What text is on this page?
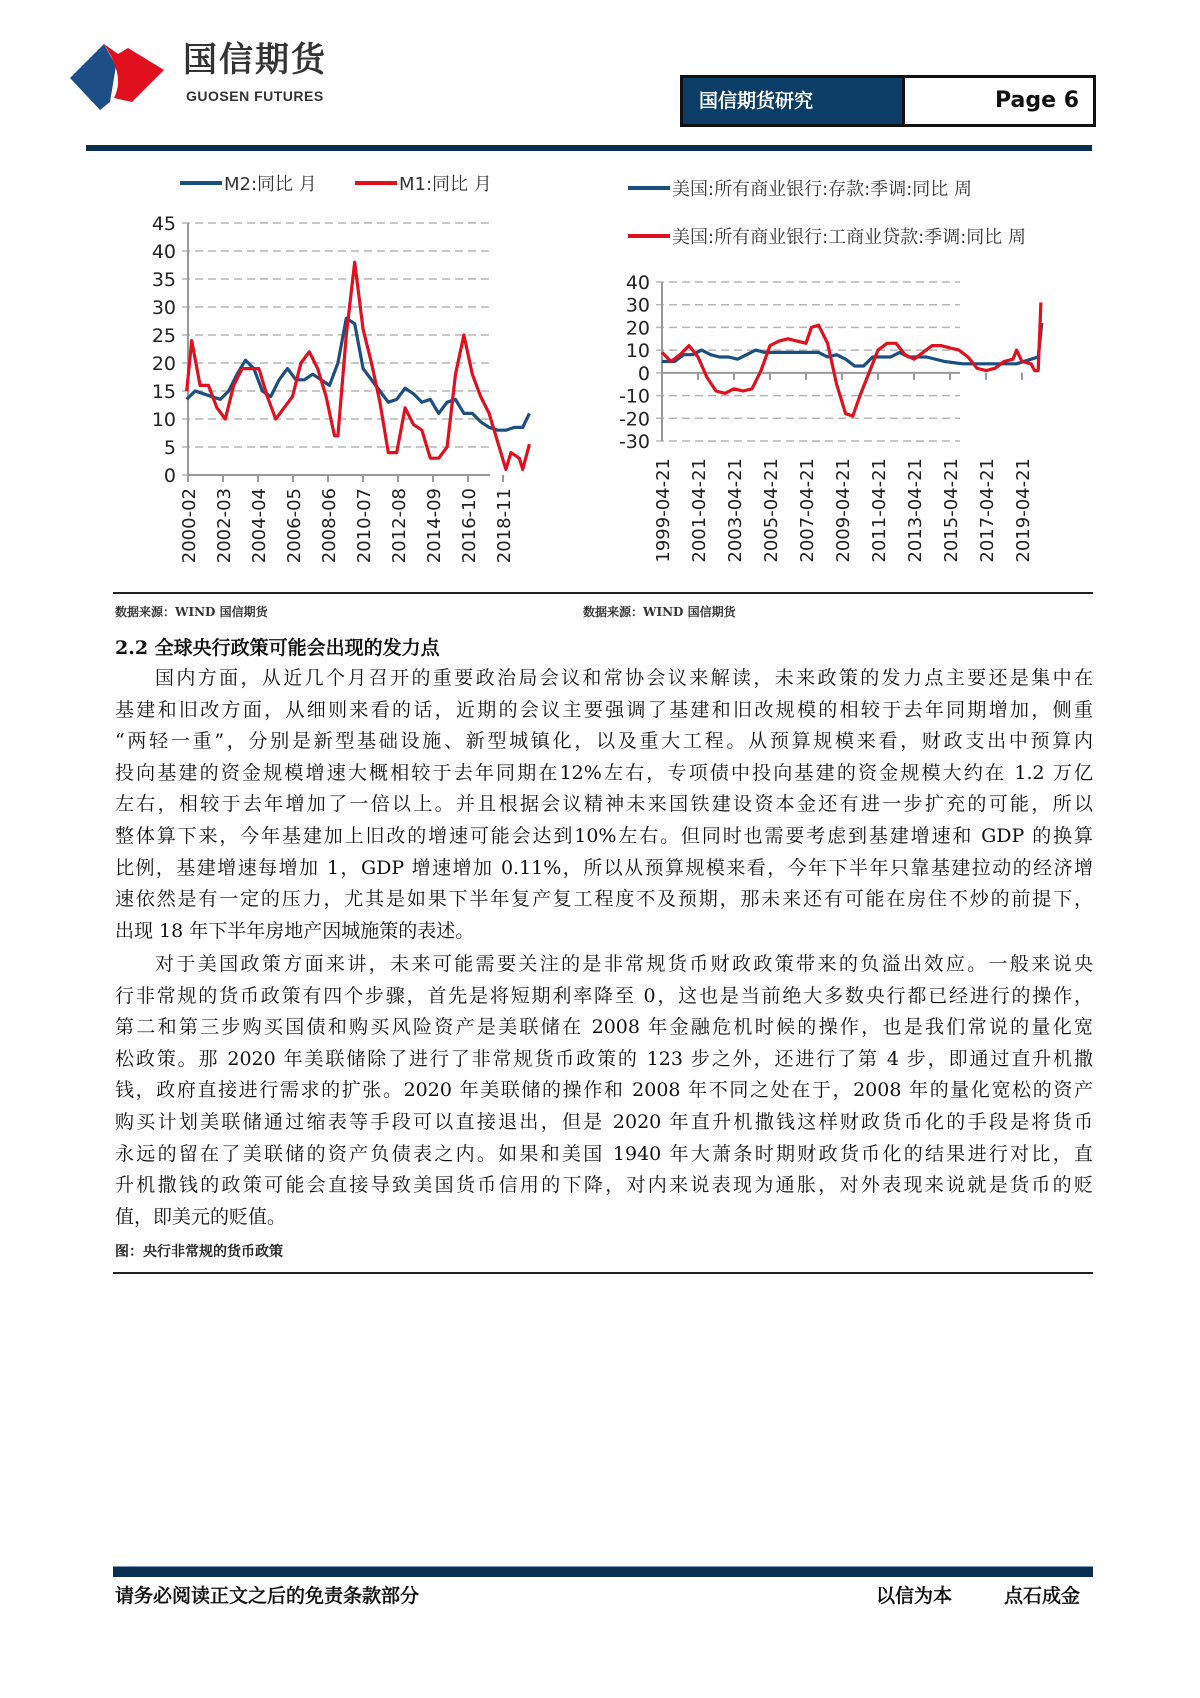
国信期货
GUOSEN FUTURES	国信期货研究	Page 6
0
5
10
15
20
25
30
35
40
45
2000-02 2002-03 2004-04 2006-05 2008-06 2010-07 2012-08 2014-09 2016-10 2018-11
M2:同比 月	M1:同比 月
-30
-20
-10
0
10
20
30
40
1999-04-21 2001-04-21 2003-04-21 2005-04-21 2007-04-21 2009-04-21 2011-04-21 2013-04-21 2015-04-21 2017-04-21 2019-04-21
美国:所有商业银行:存款:季调:同比 周
美国:所有商业银行:工商业贷款:季调:同比 周
数据来源：WIND 国信期货	数据来源：WIND 国信期货
2.2 全球央行政策可能会出现的发力点
国内方面，从近几个月召开的重要政治局会议和常协会议来解读，未来政策的发力点主要还是集中在
基建和旧改方面，从细则来看的话，近期的会议主要强调了基建和旧改规模的相较于去年同期增加，侧重
“两轻一重”，分别是新型基础设施、新型城镇化，以及重大工程。从预算规模来看，财政支出中预算内
投向基建的资金规模增速大概相较于去年同期在12%左右，专项债中投向基建的资金规模大约在 1.2 万亿
左右，相较于去年增加了一倍以上。并且根据会议精神未来国铁建设资本金还有进一步扩充的可能，所以
整体算下来，今年基建加上旧改的增速可能会达到10%左右。但同时也需要考虑到基建增速和 GDP 的换算
比例，基建增速每增加 1，GDP 增速增加 0.11%，所以从预算规模来看，今年下半年只靠基建拉动的经济增
速依然是有一定的压力，尤其是如果下半年复产复工程度不及预期，那未来还有可能在房住不炒的前提下，
出现 18 年下半年房地产因城施策的表述。
对于美国政策方面来讲，未来可能需要关注的是非常规货币财政政策带来的负溢出效应。一般来说央
行非常规的货币政策有四个步骤，首先是将短期利率降至 0，这也是当前绝大多数央行都已经进行的操作，
第二和第三步购买国债和购买风险资产是美联储在 2008 年金融危机时候的操作，也是我们常说的量化宽
松政策。那 2020 年美联储除了进行了非常规货币政策的 123 步之外，还进行了第 4 步，即通过直升机撒
钱，政府直接进行需求的扩张。2020 年美联储的操作和 2008 年不同之处在于，2008 年的量化宽松的资产
购买计划美联储通过缩表等手段可以直接退出，但是 2020 年直升机撒钱这样财政货币化的手段是将货币
永远的留在了美联储的资产负债表之内。如果和美国 1940 年大萧条时期财政货币化的结果进行对比，直
升机撒钱的政策可能会直接导致美国货币信用的下降，对内来说表现为通胀，对外表现来说就是货币的贬
值，即美元的贬值。
图：央行非常规的货币政策
请务必阅读正文之后的免责条款部分	以信为本	点石成金
